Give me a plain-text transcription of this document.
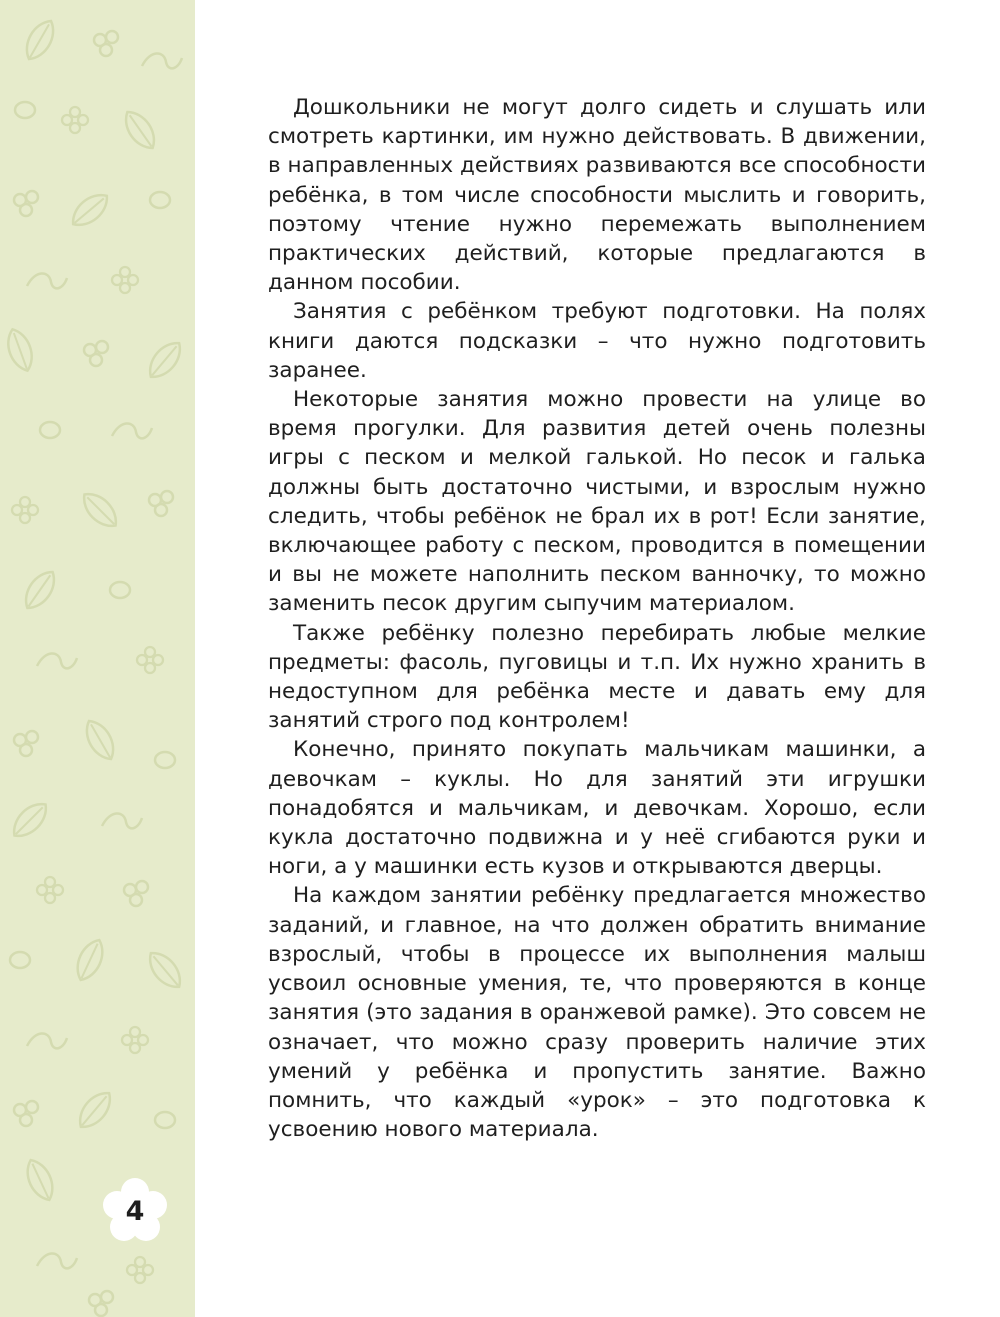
4

Дошкольники не могут долго сидеть и слушать или смотреть картинки, им нужно действовать. В движении, в направленных действиях развиваются все способности ребёнка, в том числе способности мыслить и говорить, поэтому чтение нужно перемежать выполнением практических действий, которые предлагаются в данном пособии.

Занятия с ребёнком требуют подготовки. На полях книги даются подсказки – что нужно подготовить заранее.

Некоторые занятия можно провести на улице во время прогулки. Для развития детей очень полезны игры с песком и мелкой галькой. Но песок и галька должны быть достаточно чистыми, и взрослым нужно следить, чтобы ребёнок не брал их в рот! Если занятие, включающее работу с песком, проводится в помещении и вы не можете наполнить песком ванночку, то можно заменить песок другим сыпучим материалом.

Также ребёнку полезно перебирать любые мелкие предметы: фасоль, пуговицы и т.п. Их нужно хранить в недоступном для ребёнка месте и давать ему для занятий строго под контролем!

Конечно, принято покупать мальчикам машинки, а девочкам – куклы. Но для занятий эти игрушки понадобятся и мальчикам, и девочкам. Хорошо, если кукла достаточно подвижна и у неё сгибаются руки и ноги, а у машинки есть кузов и открываются дверцы.

На каждом занятии ребёнку предлагается множество заданий, и главное, на что должен обратить внимание взрослый, чтобы в процессе их выполнения малыш усвоил основные умения, те, что проверяются в конце занятия (это задания в оранжевой рамке). Это совсем не означает, что можно сразу проверить наличие этих умений у ребёнка и пропустить занятие. Важно помнить, что каждый «урок» – это подготовка к усвоению нового материала.
